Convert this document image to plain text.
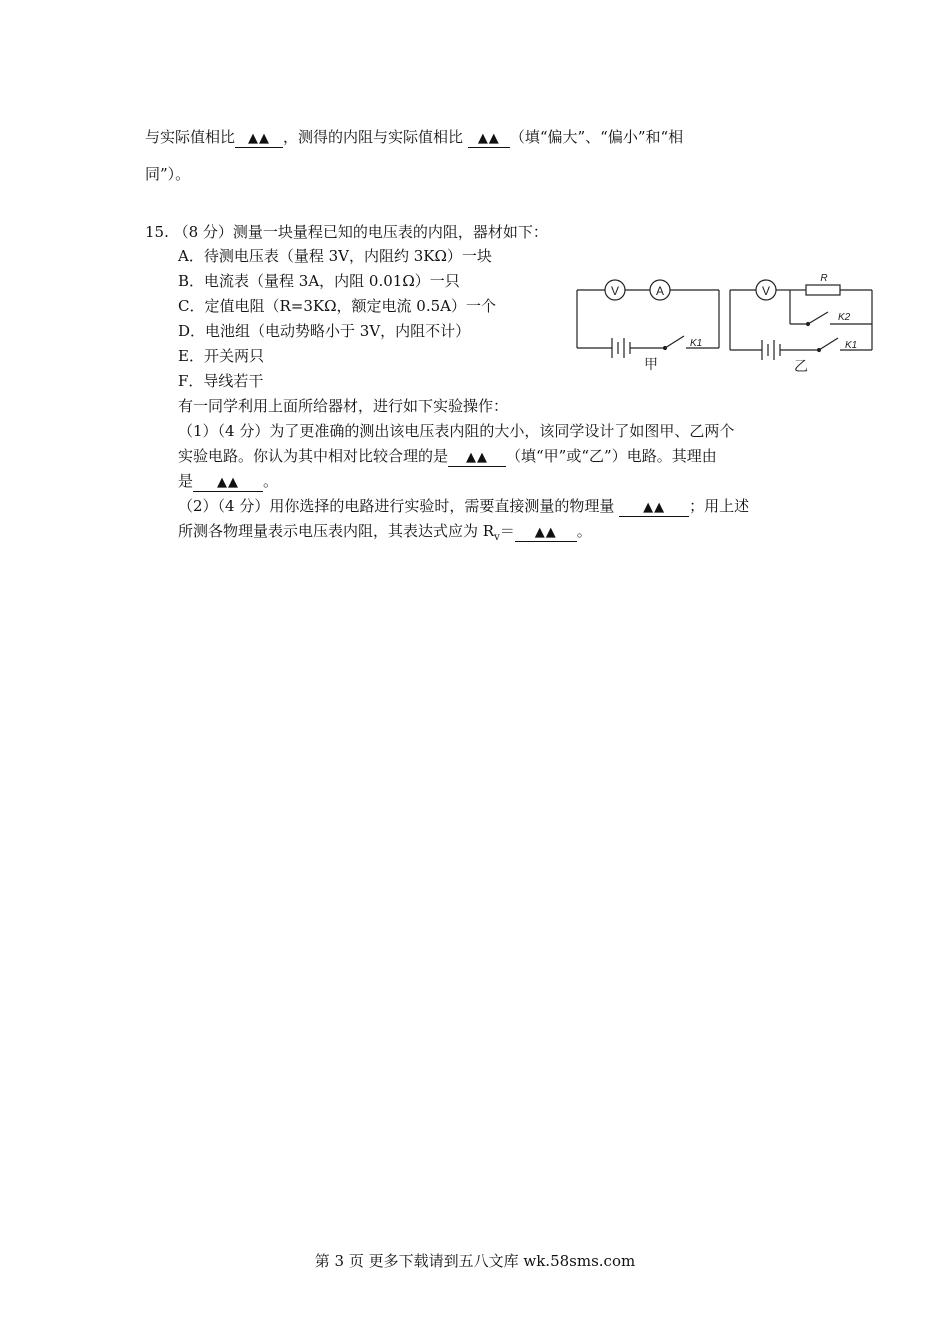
与实际值相比 ▲▲ ，测得的内阻与实际值相比 ▲▲ （填“偏大”、“偏小”和“相
同”）。
15. （8 分）测量一块量程已知的电压表的内阻，器材如下：
A．待测电压表（量程 3V，内阻约 3KΩ）一块
B．电流表（量程 3A，内阻 0.01Ω）一只
C．定值电阻（R=3KΩ，额定电流 0.5A）一个
D．电池组（电动势略小于 3V，内阻不计）
E．开关两只
F．导线若干
有一同学利用上面所给器材，进行如下实验操作：
（1）（4 分）为了更准确的测出该电压表内阻的大小，该同学设计了如图甲、乙两个
实验电路。你认为其中相对比较合理的是 ▲▲ （填“甲”或“乙”）电路。其理由
是 ▲▲ 。
（2）（4 分）用你选择的电路进行实验时，需要直接测量的物理量 ▲▲ ；用上述
所测各物理量表示电压表内阻，其表达式应为 $R_v=$ ▲▲ 。
V	A
K1
甲
V
R
K2
K1
乙
第 3 页 更多下载请到五八文库 wk.58sms.com
